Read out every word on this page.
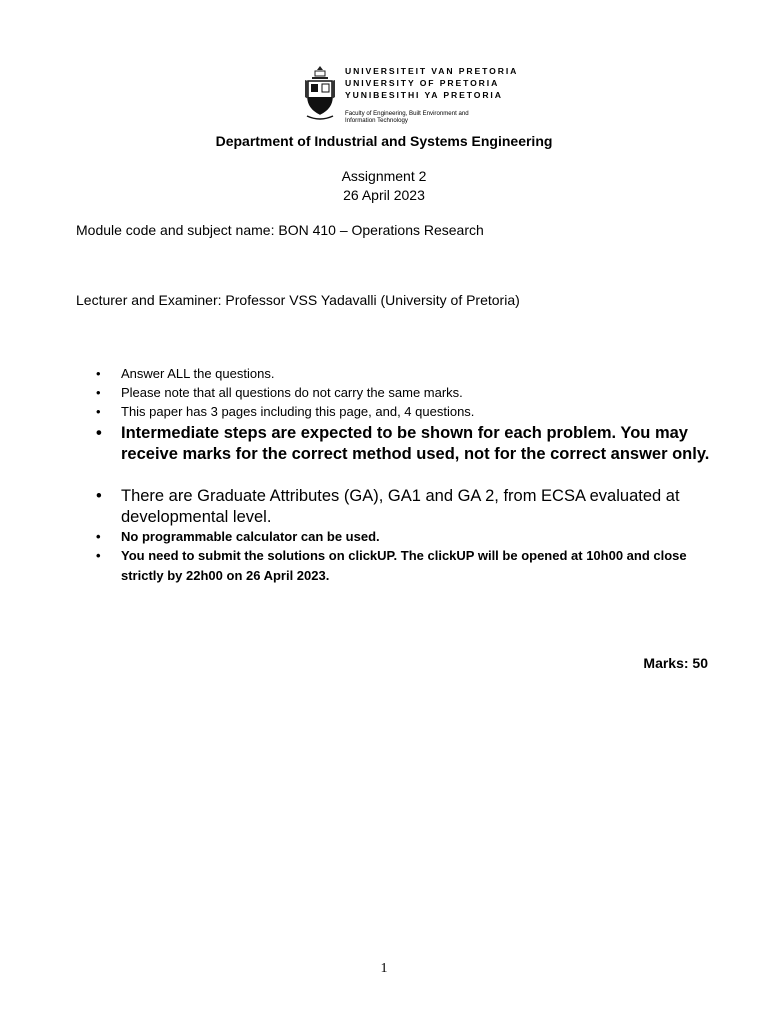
UNIVERSITEIT VAN PRETORIA
UNIVERSITY OF PRETORIA
YUNIBESITHI YA PRETORIA
Faculty of Engineering, Built Environment and Information Technology
Department of Industrial and Systems Engineering
Assignment 2
26 April 2023
Module code and subject name: BON 410 – Operations Research
Lecturer and Examiner: Professor VSS Yadavalli (University of Pretoria)
• Answer ALL the questions.
• Please note that all questions do not carry the same marks.
• This paper has 3 pages including this page, and, 4 questions.
• Intermediate steps are expected to be shown for each problem. You may receive marks for the correct method used, not for the correct answer only.
• There are Graduate Attributes (GA), GA1 and GA 2, from ECSA evaluated at developmental level.
• No programmable calculator can be used.
• You need to submit the solutions on clickUP. The clickUP will be opened at 10h00 and close strictly by 22h00 on 26 April 2023.
Marks: 50
1
